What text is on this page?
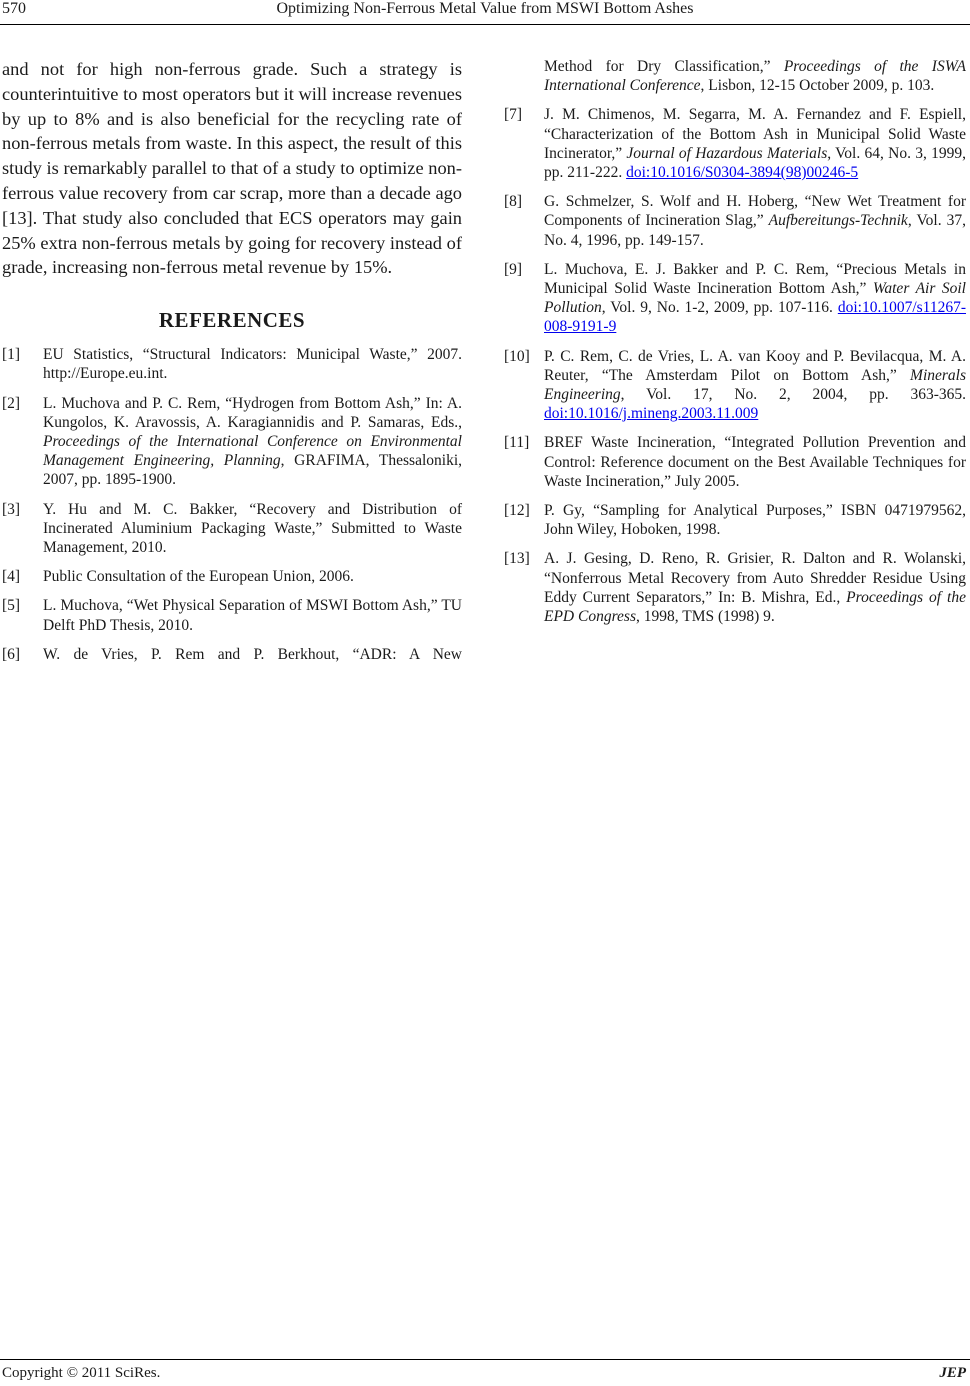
570	Optimizing Non-Ferrous Metal Value from MSWI Bottom Ashes

and not for high non-ferrous grade. Such a strategy is counterintuitive to most operators but it will increase revenues by up to 8% and is also beneficial for the recycling rate of non-ferrous metals from waste. In this aspect, the result of this study is remarkably parallel to that of a study to optimize non-ferrous value recovery from car scrap, more than a decade ago [13]. That study also concluded that ECS operators may gain 25% extra non-ferrous metals by going for recovery instead of grade, increasing non-ferrous metal revenue by 15%.

REFERENCES
[1]	EU Statistics, “Structural Indicators: Municipal Waste,” 2007. http://Europe.eu.int.
[2]	L. Muchova and P. C. Rem, “Hydrogen from Bottom Ash,” In: A. Kungolos, K. Aravossis, A. Karagiannidis and P. Samaras, Eds., Proceedings of the International Conference on Environmental Management Engineering, Planning, GRAFIMA, Thessaloniki, 2007, pp. 1895-1900.
[3]	Y. Hu and M. C. Bakker, “Recovery and Distribution of Incinerated Aluminium Packaging Waste,” Submitted to Waste Management, 2010.
[4]	Public Consultation of the European Union, 2006.
[5]	L. Muchova, “Wet Physical Separation of MSWI Bottom Ash,” TU Delft PhD Thesis, 2010.
[6]	W. de Vries, P. Rem and P. Berkhout, “ADR: A New
Method for Dry Classification,” Proceedings of the ISWA International Conference, Lisbon, 12-15 October 2009, p. 103.
[7]	J. M. Chimenos, M. Segarra, M. A. Fernandez and F. Espiell, “Characterization of the Bottom Ash in Municipal Solid Waste Incinerator,” Journal of Hazardous Materials, Vol. 64, No. 3, 1999, pp. 211-222. doi:10.1016/S0304-3894(98)00246-5
[8]	G. Schmelzer, S. Wolf and H. Hoberg, “New Wet Treatment for Components of Incineration Slag,” Aufbereitungs-Technik, Vol. 37, No. 4, 1996, pp. 149-157.
[9]	L. Muchova, E. J. Bakker and P. C. Rem, “Precious Metals in Municipal Solid Waste Incineration Bottom Ash,” Water Air Soil Pollution, Vol. 9, No. 1-2, 2009, pp. 107-116. doi:10.1007/s11267-008-9191-9
[10] P. C. Rem, C. de Vries, L. A. van Kooy and P. Bevilacqua, M. A. Reuter, “The Amsterdam Pilot on Bottom Ash,” Minerals Engineering, Vol. 17, No. 2, 2004, pp. 363-365. doi:10.1016/j.mineng.2003.11.009
[11] BREF Waste Incineration, “Integrated Pollution Prevention and Control: Reference document on the Best Available Techniques for Waste Incineration,” July 2005.
[12] P. Gy, “Sampling for Analytical Purposes,” ISBN 0471979562, John Wiley, Hoboken, 1998.
[13] A. J. Gesing, D. Reno, R. Grisier, R. Dalton and R. Wolanski, “Nonferrous Metal Recovery from Auto Shredder Residue Using Eddy Current Separators,” In: B. Mishra, Ed., Proceedings of the EPD Congress, 1998, TMS (1998) 9.
Copyright © 2011 SciRes.	JEP
